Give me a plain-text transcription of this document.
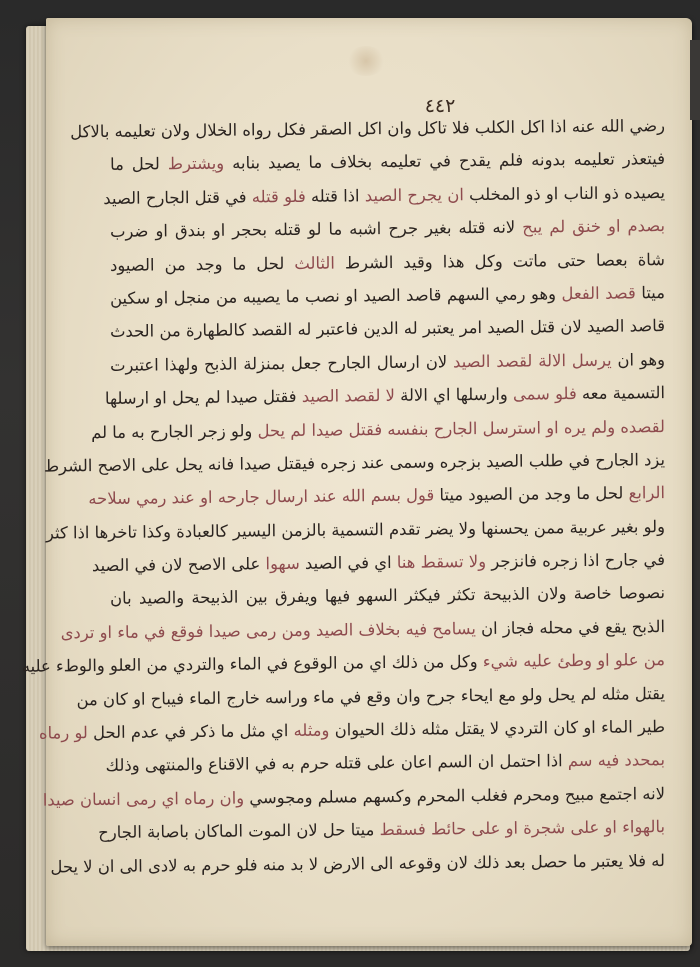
٤٤٢
رضي الله عنه اذا اكل الكلب فلا تاكل وان اكل الصقر فكل رواه الخلال ولان تعليمه بالاكل
فيتعذر تعليمه بدونه فلم يقدح في تعليمه بخلاف ما يصيد بنابه ويشترط لحل ما
يصيده ذو الناب او ذو المخلب ان يجرح الصيد اذا قتله فلو قتله في قتل الجارح الصيد
بصدم او خنق لم يبح لانه قتله بغير جرح اشبه ما لو قتله بحجر او بندق او ضرب
شاة بعصا حتى ماتت وكل هذا وقيد الشرط الثالث لحل ما وجد من الصيود
ميتا قصد الفعل وهو رمي السهم قاصد الصيد او نصب ما يصيبه من منجل او سكين
قاصد الصيد لان قتل الصيد امر يعتبر له الدين فاعتبر له القصد كالطهارة من الحدث
وهو ان يرسل الالة لقصد الصيد لان ارسال الجارح جعل بمنزلة الذبح ولهذا اعتبرت
التسمية معه فلو سمى وارسلها اي الالة لا لقصد الصيد فقتل صيدا لم يحل او ارسلها
لقصده ولم يره او استرسل الجارح بنفسه فقتل صيدا لم يحل ولو زجر الجارح به ما لم
يزد الجارح في طلب الصيد بزجره وسمى عند زجره فيقتل صيدا فانه يحل على الاصح الشرط
الرابع لحل ما وجد من الصيود ميتا قول بسم الله عند ارسال جارحه او عند رمي سلاحه
ولو بغير عربية ممن يحسنها ولا يضر تقدم التسمية بالزمن اليسير كالعبادة وكذا تاخرها اذا كثر
في جارح اذا زجره فانزجر ولا تسقط هنا اي في الصيد سهوا على الاصح لان في الصيد
نصوصا خاصة ولان الذبيحة تكثر فيكثر السهو فيها ويفرق بين الذبيحة والصيد بان
الذبح يقع في محله فجاز ان يسامح فيه بخلاف الصيد ومن رمى صيدا فوقع في ماء او تردى
من علو او وطئ عليه شيء وكل من ذلك اي من الوقوع في الماء والتردي من العلو والوطء عليه
يقتل مثله لم يحل ولو مع ايحاء جرح وان وقع في ماء وراسه خارج الماء فيباح او كان من
طير الماء او كان التردي لا يقتل مثله ذلك الحيوان ومثله اي مثل ما ذكر في عدم الحل لو رماه
بمحدد فيه سم اذا احتمل ان السم اعان على قتله حرم به في الاقناع والمنتهى وذلك
لانه اجتمع مبيح ومحرم فغلب المحرم وكسهم مسلم ومجوسي وان رماه اي رمى انسان صيدا
بالهواء او على شجرة او على حائط فسقط ميتا حل لان الموت الماكان باصابة الجارح
له فلا يعتبر ما حصل بعد ذلك لان وقوعه الى الارض لا بد منه فلو حرم به لادى الى ان لا يحل
